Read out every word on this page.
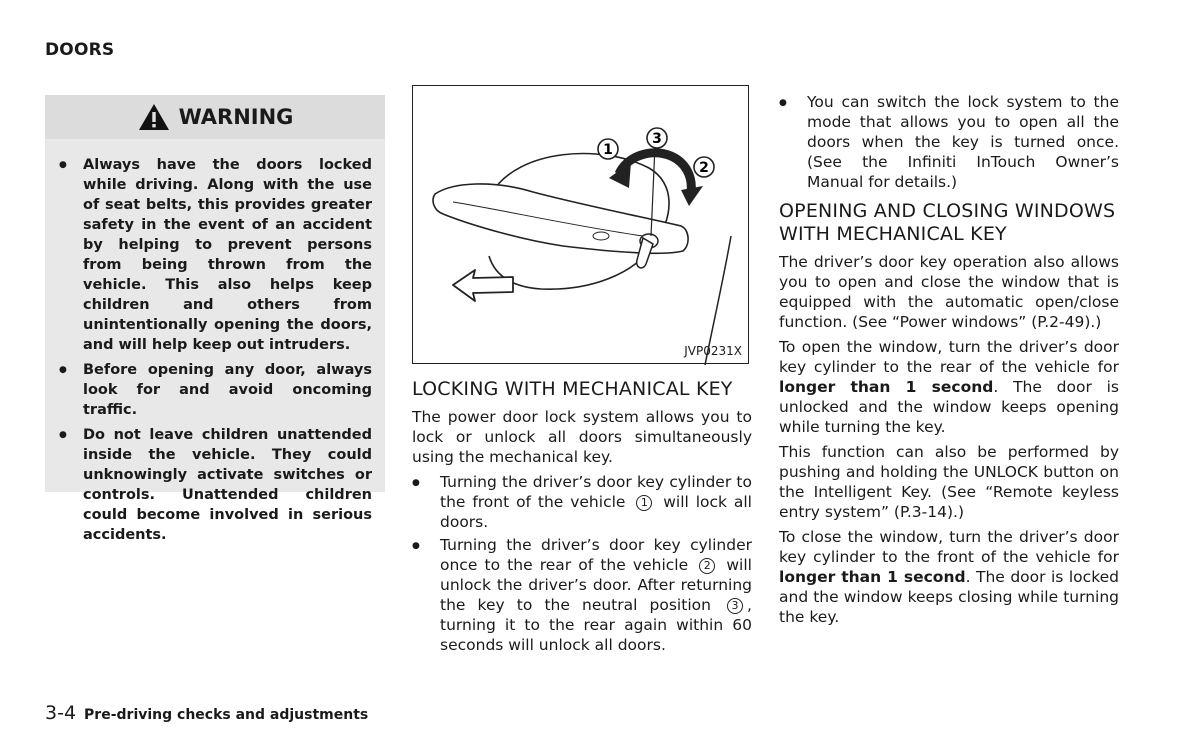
DOORS
WARNING
● Always have the doors locked while driving. Along with the use of seat belts, this provides greater safety in the event of an accident by helping to prevent persons from being thrown from the vehicle. This also helps keep children and others from unintentionally opening the doors, and will help keep out intruders.
● Before opening any door, always look for and avoid oncoming traffic.
● Do not leave children unattended inside the vehicle. They could unknowingly activate switches or controls. Unattended children could become involved in serious accidents.
1
3
2
JVP0231X
LOCKING WITH MECHANICAL KEY
The power door lock system allows you to lock or unlock all doors simultaneously using the mechanical key.
● Turning the driver’s door key cylinder to the front of the vehicle 1 will lock all doors.
● Turning the driver’s door key cylinder once to the rear of the vehicle 2 will unlock the driver’s door. After returning the key to the neutral position 3 , turning it to the rear again within 60 seconds will unlock all doors.
● You can switch the lock system to the mode that allows you to open all the doors when the key is turned once. (See the Infiniti InTouch Owner’s Manual for details.)
OPENING AND CLOSING WINDOWS WITH MECHANICAL KEY
The driver’s door key operation also allows you to open and close the window that is equipped with the automatic open/close function. (See “Power windows” (P.2-49).)
To open the window, turn the driver’s door key cylinder to the rear of the vehicle for longer than 1 second. The door is unlocked and the window keeps opening while turning the key.
This function can also be performed by pushing and holding the UNLOCK button on the Intelligent Key. (See “Remote keyless entry system” (P.3-14).)
To close the window, turn the driver’s door key cylinder to the front of the vehicle for longer than 1 second. The door is locked and the window keeps closing while turning the key.
3-4 Pre-driving checks and adjustments
